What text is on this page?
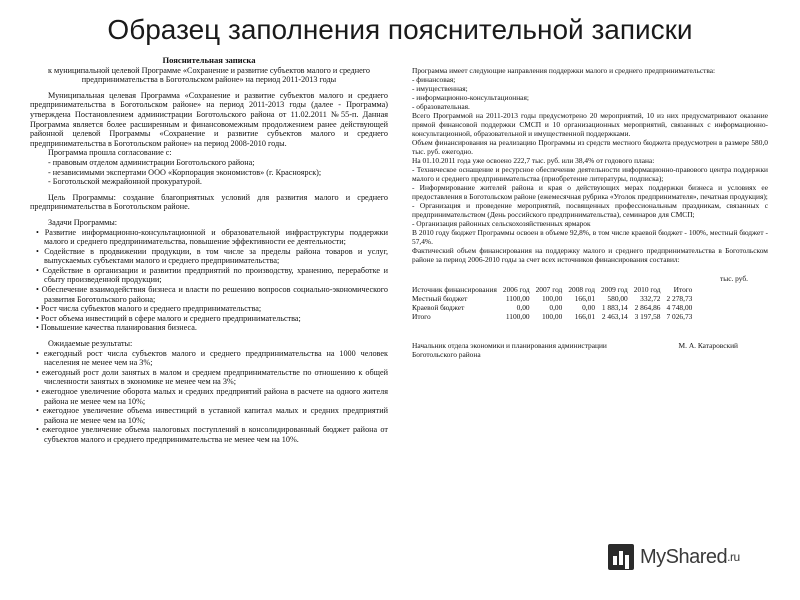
Образец заполнения пояснительной записки
Пояснительная записка
к муниципальной целевой Программе «Сохранение и развитие субъектов малого и среднего предпринимательства в Боготольском районе» на период 2011-2013 годы
Муниципальная целевая Программа «Сохранение и развитие субъектов малого и среднего предпринимательства в Боготольском районе» на период 2011-2013 годы (далее - Программа) утверждена Постановлением администрации Боготольского района от 11.02.2011 №55-п. Данная Программа является более расширенным и финансовомежным продолжением ранее действующей районной целевой Программы «Сохранение и развитие субъектов малого и среднего предпринимательства в Боготольском районе» на период 2008-2010 годы.
Программа прошла согласование с:
- правовым отделом администрации Боготольского района;
- независимыми экспертами ООО «Корпорация экономистов» (г. Красноярск);
- Боготольской межрайонной прокуратурой.
Цель Программы: создание благоприятных условий для развития малого и среднего предпринимательства в Боготольском районе.
Задачи Программы:
• Развитие информационно-консультационной и образовательной инфраструктуры поддержки малого и среднего предпринимательства, повышение эффективности ее деятельности;
• Содействие в продвижении продукции, в том числе за пределы района товаров и услуг, выпускаемых субъектами малого и среднего предпринимательства;
• Содействие в организации и развитии предприятий по производству, хранению, переработке и сбыту произведенной продукции;
• Обеспечение взаимодействия бизнеса и власти по решению вопросов социально-экономического развития Боготольского района;
• Рост числа субъектов малого и среднего предпринимательства;
• Рост объема инвестиций в сфере малого и среднего предпринимательства;
• Повышение качества планирования бизнеса.
Ожидаемые результаты:
• ежегодный рост числа субъектов малого и среднего предпринимательства на 1000 человек населения не менее чем на 3%;
• ежегодный рост доли занятых в малом и среднем предпринимательстве по отношению к общей численности занятых в экономике не менее чем на 3%;
• ежегодное увеличение оборота малых и средних предприятий района в расчете на одного жителя района не менее чем на 10%;
• ежегодное увеличение объема инвестиций в уставной капитал малых и средних предприятий района не менее чем на 10%;
• ежегодное увеличение объема налоговых поступлений в консолидированный бюджет района от субъектов малого и среднего предпринимательства не менее чем на 10%.
Программа имеет следующие направления поддержки малого и среднего предпринимательства:
- финансовая;
- имущественная;
- информационно-консультационная;
- образовательная.
Всего Программой на 2011-2013 годы предусмотрено 20 мероприятий, 10 из них предусматривают оказание прямой финансовой поддержки СМСП и 10 организационных мероприятий, связанных с информационно-консультационной, образовательной и имущественной поддержками.
Объем финансирования на реализацию Программы из средств местного бюджета предусмотрен в размере 580,0 тыс. руб. ежегодно.
На 01.10.2011 года уже освоено 222,7 тыс. руб. или 38,4% от годового плана:
- Техническое оснащение и ресурсное обеспечение деятельности информационно-правового центра поддержки малого и среднего предпринимательства (приобретение литературы, подписка);
- Информирование жителей района и края о действующих мерах поддержки бизнеса и условиях ее предоставления в Боготольском районе (ежемесячная рубрика «Уголок предпринимателя», печатная продукция);
- Организация и проведение мероприятий, посвященных профессиональным праздникам, связанных с предпринимательством (День российского предпринимательства), семинаров для СМСП;
- Организация районных сельскохозяйственных ярмарок
В 2010 году бюджет Программы освоен в объеме 92,8%, в том числе краевой бюджет - 100%, местный бюджет - 57,4%.
Фактический объем финансирования на поддержку малого и среднего предпринимательства в Боготольском районе за период 2006-2010 годы за счет всех источников финансирования составил:
тыс. руб.
Источник финансирования	2006 год	2007 год	2008 год	2009 год	2010 год	Итого
Местный бюджет	1100,00	100,00	166,01	580,00	332,72	2 278,73
Краевой бюджет	0,00	0,00	0,00	1 883,14	2 864,86	4 748,00
Итого	1100,00	100,00	166,01	2 463,14	3 197,58	7 026,73
Начальник отдела экономики и планирования администрации Боготольского района
М. А. Катаровский
MyShared .ru
